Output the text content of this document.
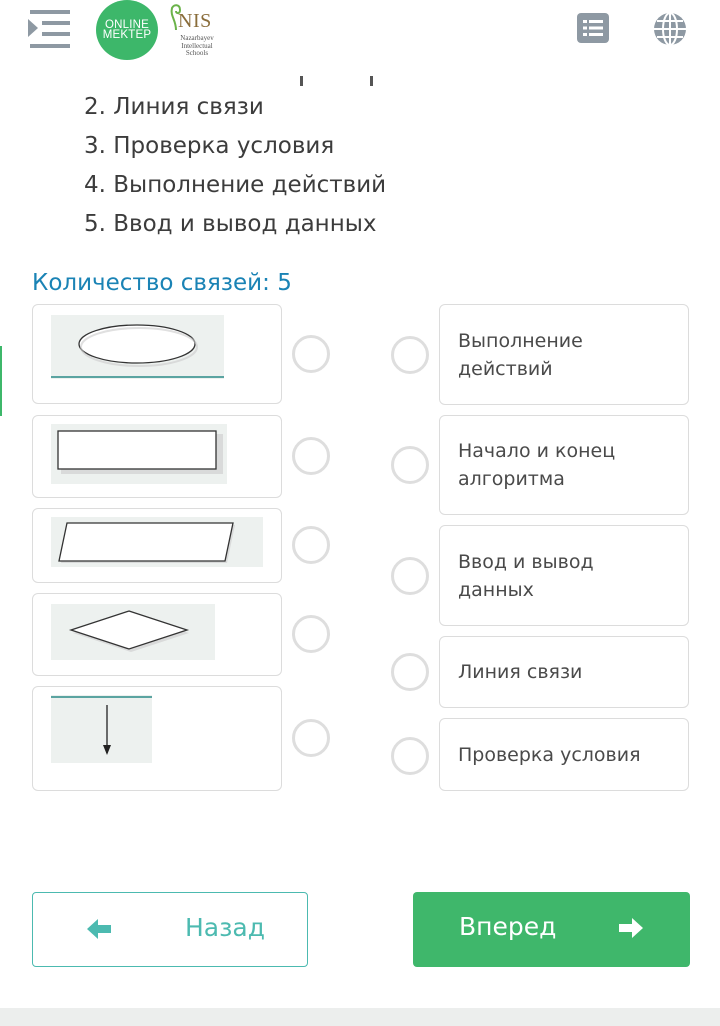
ONLINE
MEKTEP
NIS
Nazarbayev
Intellectual
Schools
2. Линия связи
3. Проверка условия
4. Выполнение действий
5. Ввод и вывод данных
Количество связей: 5
Выполнение
действий
Начало и конец
алгоритма
Ввод и вывод
данных
Линия связи
Проверка условия
Назад	Вперед
